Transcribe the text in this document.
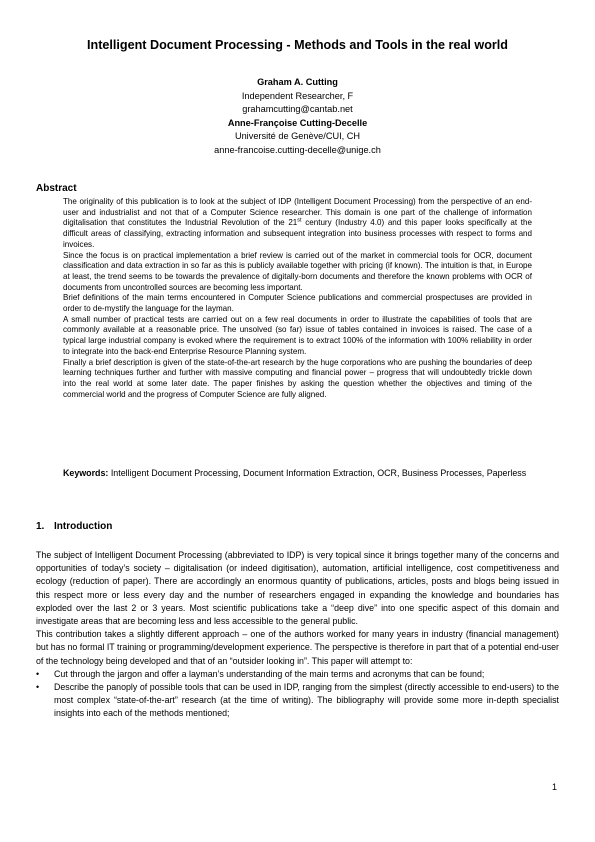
Intelligent Document Processing - Methods and Tools in the real world
Graham A. Cutting
Independent Researcher, F
grahamcutting@cantab.net
Anne-Françoise Cutting-Decelle
Université de Genève/CUI, CH
anne-francoise.cutting-decelle@unige.ch
Abstract

The originality of this publication is to look at the subject of IDP (Intelligent Document Processing) from the perspective of an end-user and industrialist and not that of a Computer Science researcher. This domain is one part of the challenge of information digitalisation that constitutes the Industrial Revolution of the 21st century (Industry 4.0) and this paper looks specifically at the difficult areas of classifying, extracting information and subsequent integration into business processes with respect to forms and invoices.

Since the focus is on practical implementation a brief review is carried out of the market in commercial tools for OCR, document classification and data extraction in so far as this is publicly available together with pricing (if known). The intuition is that, in Europe at least, the trend seems to be towards the prevalence of digitally-born documents and therefore the known problems with OCR of documents from uncontrolled sources are becoming less important.

Brief definitions of the main terms encountered in Computer Science publications and commercial prospectuses are provided in order to de-mystify the language for the layman.

A small number of practical tests are carried out on a few real documents in order to illustrate the capabilities of tools that are commonly available at a reasonable price. The unsolved (so far) issue of tables contained in invoices is raised. The case of a typical large industrial company is evoked where the requirement is to extract 100% of the information with 100% reliability in order to integrate into the back-end Enterprise Resource Planning system.

Finally a brief description is given of the state-of-the-art research by the huge corporations who are pushing the boundaries of deep learning techniques further and further with massive computing and financial power – progress that will undoubtedly trickle down into the real world at some later date. The paper finishes by asking the question whether the objectives and timing of the commercial world and the progress of Computer Science are fully aligned.

Keywords: Intelligent Document Processing, Document Information Extraction, OCR, Business Processes, Paperless
1. Introduction

The subject of Intelligent Document Processing (abbreviated to IDP) is very topical since it brings together many of the concerns and opportunities of today’s society – digitalisation (or indeed digitisation), automation, artificial intelligence, cost competitiveness and ecology (reduction of paper). There are accordingly an enormous quantity of publications, articles, posts and blogs being issued in this respect more or less every day and the number of researchers engaged in expanding the knowledge and boundaries has exploded over the last 2 or 3 years. Most scientific publications take a “deep dive” into one specific aspect of this domain and investigate areas that are becoming less and less accessible to the general public.

This contribution takes a slightly different approach – one of the authors worked for many years in industry (financial management) but has no formal IT training or programming/development experience. The perspective is therefore in part that of a potential end-user of the technology being developed and that of an “outsider looking in”. This paper will attempt to:

• Cut through the jargon and offer a layman’s understanding of the main terms and acronyms that can be found;
• Describe the panoply of possible tools that can be used in IDP, ranging from the simplest (directly accessible to end-users) to the most complex “state-of-the-art” research (at the time of writing). The bibliography will provide some more in-depth specialist insights into each of the methods mentioned;
1
